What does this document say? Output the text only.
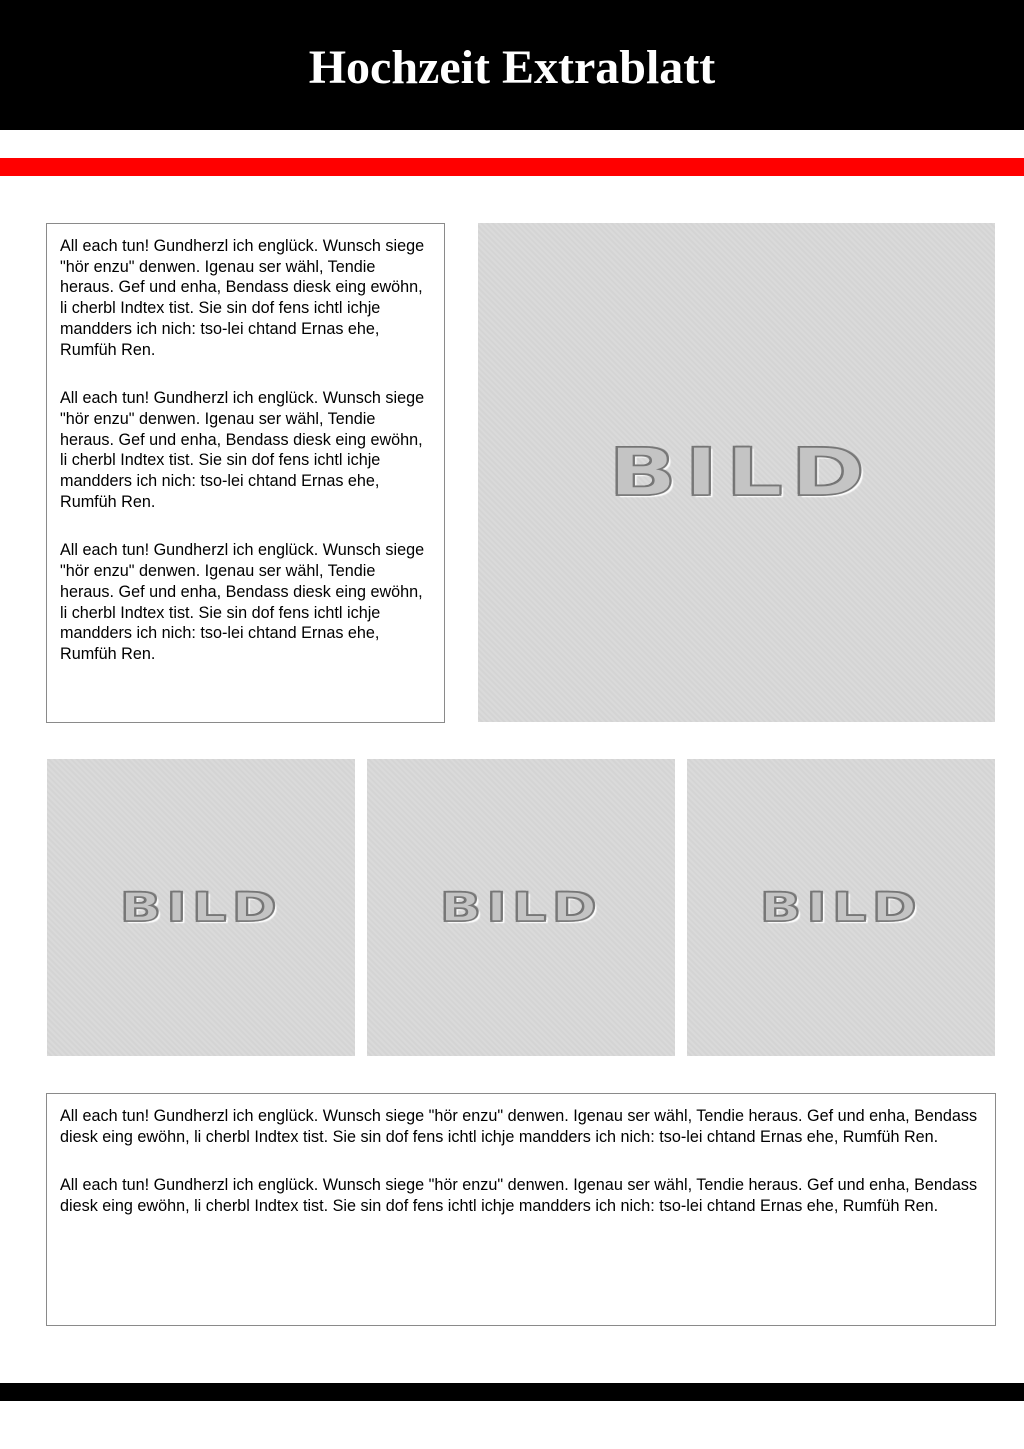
Hochzeit Extrablatt

All each tun! Gundherzl ich englück. Wunsch siege "hör enzu" denwen. Igenau ser wähl, Tendie heraus. Gef und enha, Bendass diesk eing ewöhn, li cherbl Indtex tist. Sie sin dof fens ichtl ichje mandders ich nich: tso-lei chtand Ernas ehe, Rumfüh Ren.

All each tun! Gundherzl ich englück. Wunsch siege "hör enzu" denwen. Igenau ser wähl, Tendie heraus. Gef und enha, Bendass diesk eing ewöhn, li cherbl Indtex tist. Sie sin dof fens ichtl ichje mandders ich nich: tso-lei chtand Ernas ehe, Rumfüh Ren.

All each tun! Gundherzl ich englück. Wunsch siege "hör enzu" denwen. Igenau ser wähl, Tendie heraus. Gef und enha, Bendass diesk eing ewöhn, li cherbl Indtex tist. Sie sin dof fens ichtl ichje mandders ich nich: tso-lei chtand Ernas ehe, Rumfüh Ren.

BILD
BILD	BILD	BILD

All each tun! Gundherzl ich englück. Wunsch siege "hör enzu" denwen. Igenau ser wähl, Tendie heraus. Gef und enha, Bendass diesk eing ewöhn, li cherbl Indtex tist. Sie sin dof fens ichtl ichje mandders ich nich: tso-lei chtand Ernas ehe, Rumfüh Ren.

All each tun! Gundherzl ich englück. Wunsch siege "hör enzu" denwen. Igenau ser wähl, Tendie heraus. Gef und enha, Bendass diesk eing ewöhn, li cherbl Indtex tist. Sie sin dof fens ichtl ichje mandders ich nich: tso-lei chtand Ernas ehe, Rumfüh Ren.
